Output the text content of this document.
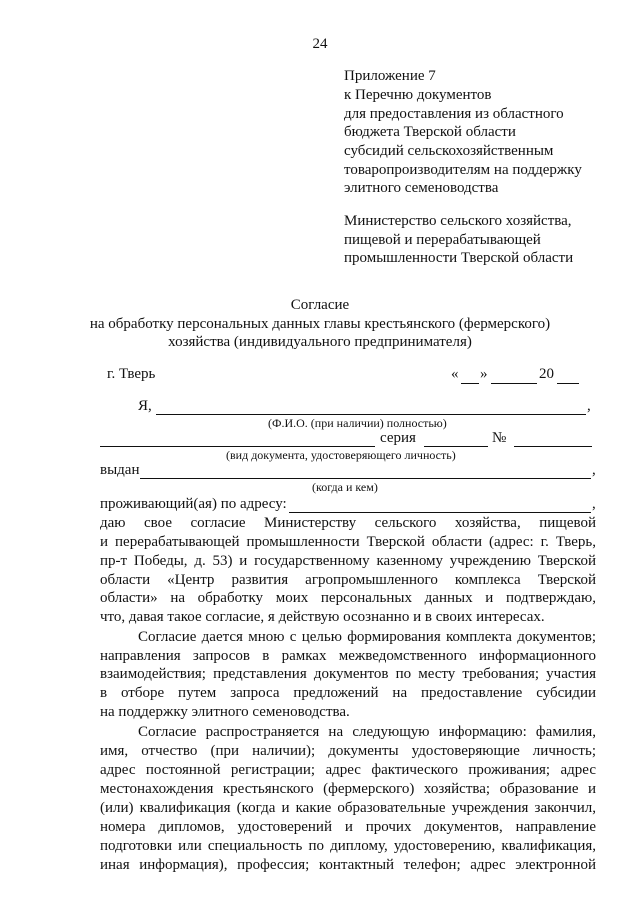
24
Приложение 7
к Перечню документов
для предоставления из областного
бюджета Тверской области
субсидий сельскохозяйственным
товаропроизводителям на поддержку
элитного семеноводства
Министерство сельского хозяйства,
пищевой и перерабатывающей
промышленности Тверской области
Согласие
на обработку персональных данных главы крестьянского (фермерского)
хозяйства (индивидуального предпринимателя)
г. Тверь	« »	20
Я,	,
(Ф.И.О. (при наличии) полностью)
серия	№
(вид документа, удостоверяющего личность)
выдан	,
(когда и кем)
проживающий(ая) по адресу:	,
даю свое согласие Министерству сельского хозяйства, пищевой
и перерабатывающей промышленности Тверской области (адрес: г. Тверь,
пр-т Победы, д. 53) и государственному казенному учреждению Тверской
области «Центр развития агропромышленного комплекса Тверской
области» на обработку моих персональных данных и подтверждаю,
что, давая такое согласие, я действую осознанно и в своих интересах.
Согласие дается мною с целью формирования комплекта документов;
направления запросов в рамках межведомственного информационного
взаимодействия; представления документов по месту требования; участия
в отборе путем запроса предложений на предоставление субсидии
на поддержку элитного семеноводства.
Согласие распространяется на следующую информацию: фамилия,
имя, отчество (при наличии); документы удостоверяющие личность;
адрес постоянной регистрации; адрес фактического проживания; адрес
местонахождения крестьянского (фермерского) хозяйства; образование и
(или) квалификация (когда и какие образовательные учреждения закончил,
номера дипломов, удостоверений и прочих документов, направление
подготовки или специальность по диплому, удостоверению, квалификация,
иная информация), профессия; контактный телефон; адрес электронной
